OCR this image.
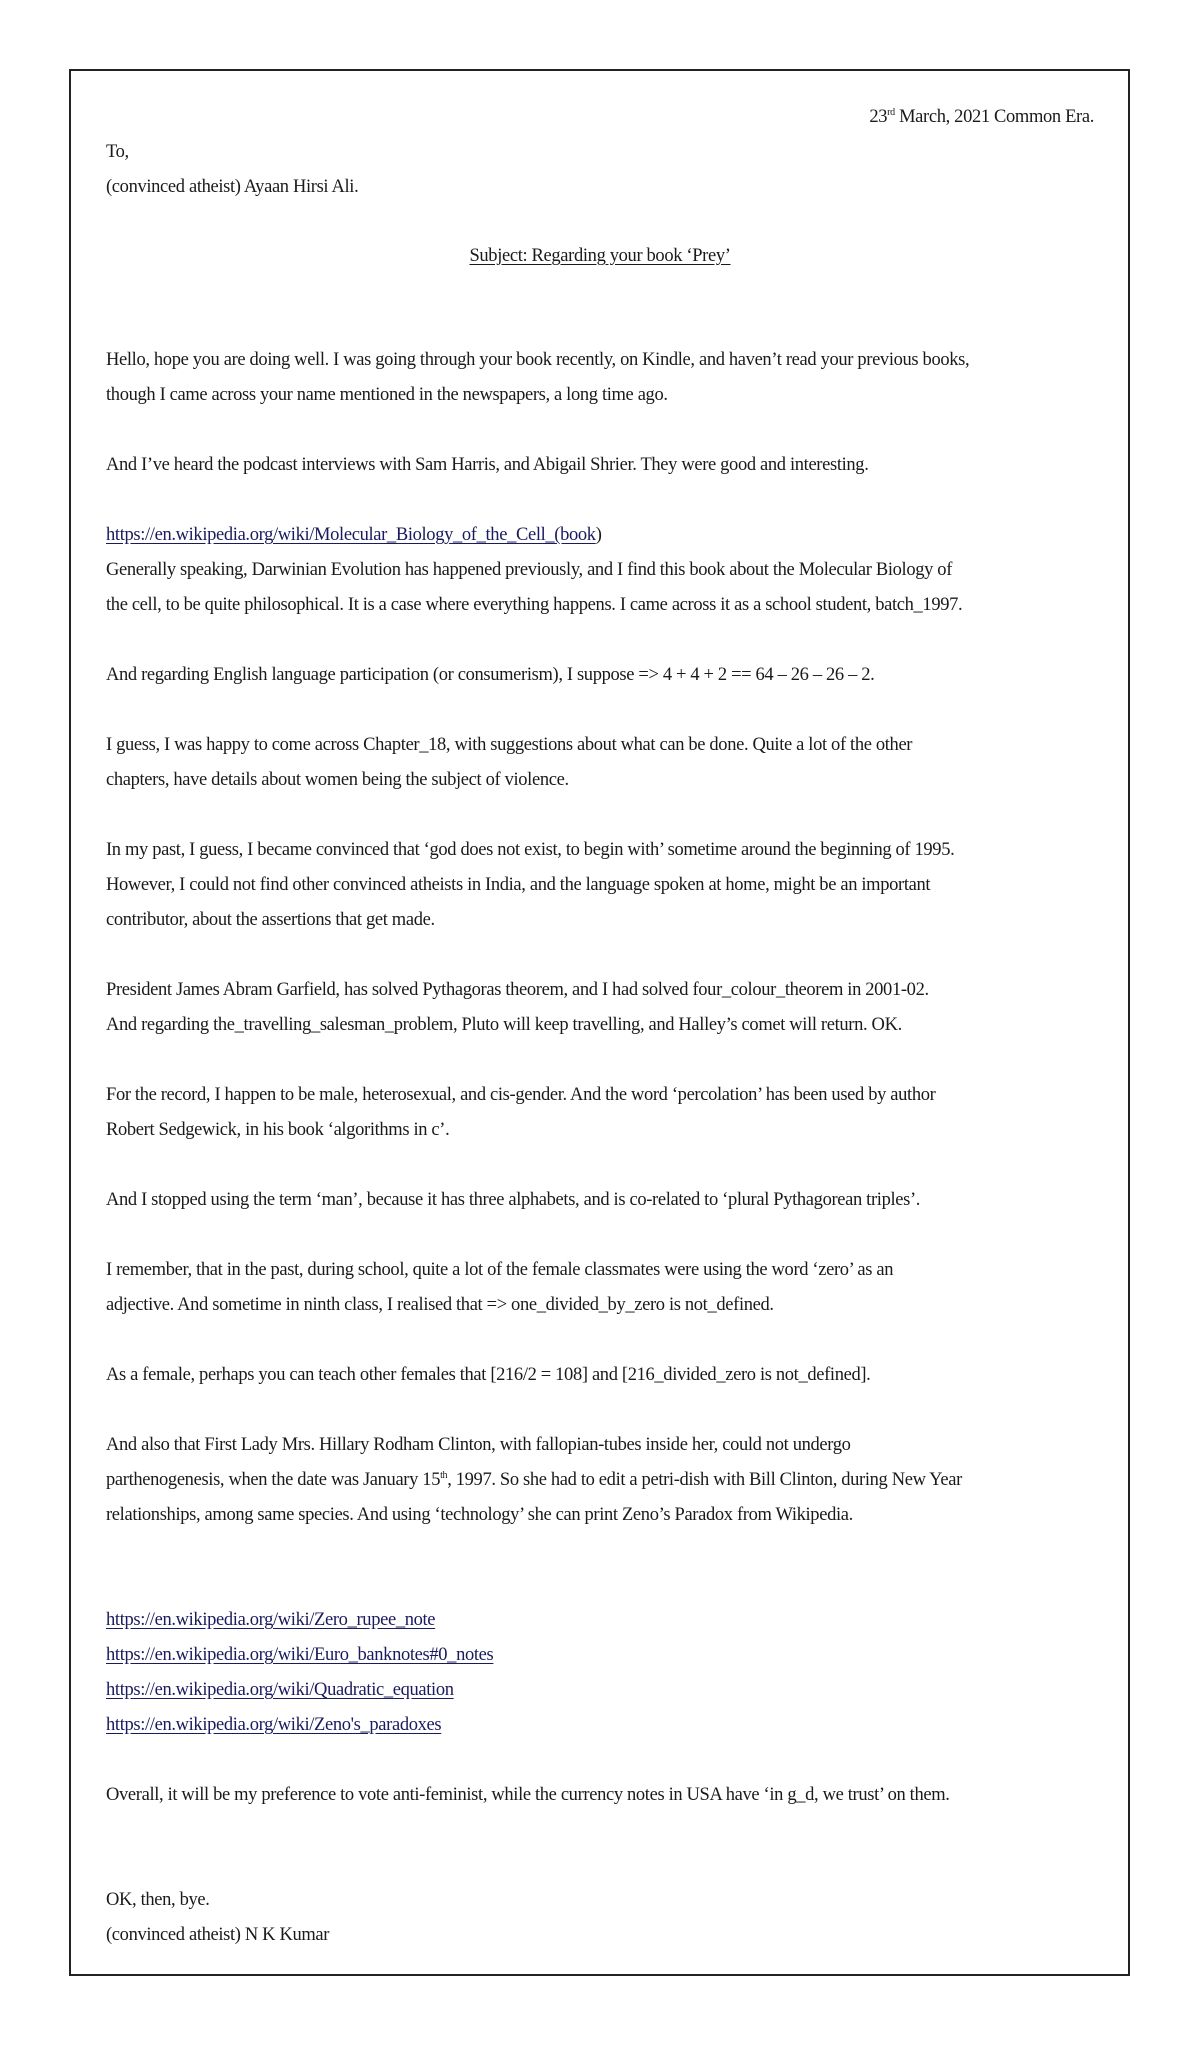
23rd March, 2021 Common Era.
To,
(convinced atheist) Ayaan Hirsi Ali.
Subject: Regarding your book ‘Prey’
Hello, hope you are doing well. I was going through your book recently, on Kindle, and haven’t read your previous books,
though I came across your name mentioned in the newspapers, a long time ago.
And I’ve heard the podcast interviews with Sam Harris, and Abigail Shrier. They were good and interesting.
https://en.wikipedia.org/wiki/Molecular_Biology_of_the_Cell_(book)
Generally speaking, Darwinian Evolution has happened previously, and I find this book about the Molecular Biology of
the cell, to be quite philosophical. It is a case where everything happens. I came across it as a school student, batch_1997.
And regarding English language participation (or consumerism), I suppose => 4 + 4 + 2 == 64 – 26 – 26 – 2.
I guess, I was happy to come across Chapter_18, with suggestions about what can be done. Quite a lot of the other
chapters, have details about women being the subject of violence.
In my past, I guess, I became convinced that ‘god does not exist, to begin with’ sometime around the beginning of 1995.
However, I could not find other convinced atheists in India, and the language spoken at home, might be an important
contributor, about the assertions that get made.
President James Abram Garfield, has solved Pythagoras theorem, and I had solved four_colour_theorem in 2001-02.
And regarding the_travelling_salesman_problem, Pluto will keep travelling, and Halley’s comet will return. OK.
For the record, I happen to be male, heterosexual, and cis-gender. And the word ‘percolation’ has been used by author
Robert Sedgewick, in his book ‘algorithms in c’.
And I stopped using the term ‘man’, because it has three alphabets, and is co-related to ‘plural Pythagorean triples’.
I remember, that in the past, during school, quite a lot of the female classmates were using the word ‘zero’ as an
adjective. And sometime in ninth class, I realised that => one_divided_by_zero is not_defined.
As a female, perhaps you can teach other females that [216/2 = 108] and [216_divided_zero is not_defined].
And also that First Lady Mrs. Hillary Rodham Clinton, with fallopian-tubes inside her, could not undergo
parthenogenesis, when the date was January 15th, 1997. So she had to edit a petri-dish with Bill Clinton, during New Year
relationships, among same species. And using ‘technology’ she can print Zeno’s Paradox from Wikipedia.
https://en.wikipedia.org/wiki/Zero_rupee_note
https://en.wikipedia.org/wiki/Euro_banknotes#0_notes
https://en.wikipedia.org/wiki/Quadratic_equation
https://en.wikipedia.org/wiki/Zeno's_paradoxes
Overall, it will be my preference to vote anti-feminist, while the currency notes in USA have ‘in g_d, we trust’ on them.
OK, then, bye.
(convinced atheist) N K Kumar
